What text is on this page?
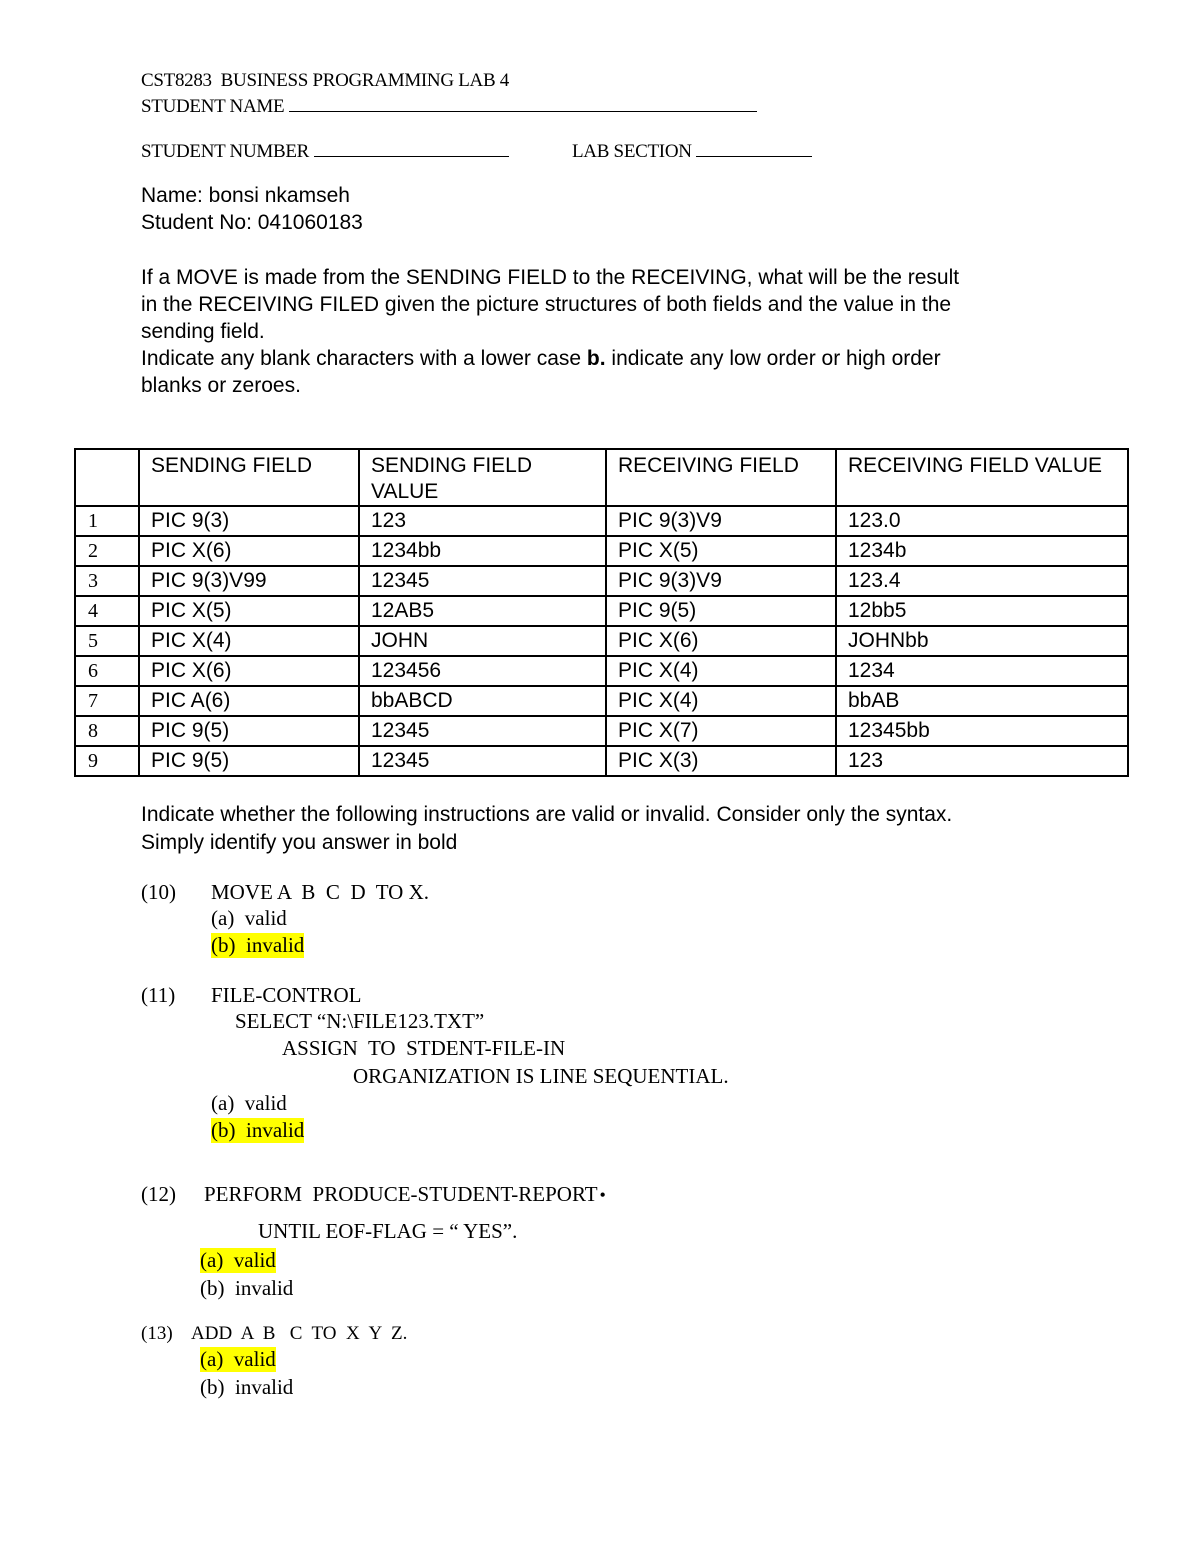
CST8283  BUSINESS PROGRAMMING LAB 4
STUDENT NAME
STUDENT NUMBER	LAB SECTION
Name: bonsi nkamseh
Student No: 041060183
If a MOVE is made from the SENDING FIELD to the RECEIVING, what will be the result
in the RECEIVING FILED given the picture structures of both fields and the value in the
sending field.
Indicate any blank characters with a lower case b. indicate any low order or high order
blanks or zeroes.
	SENDING FIELD	SENDING FIELD VALUE	RECEIVING FIELD	RECEIVING FIELD VALUE
1	PIC 9(3)	123	PIC 9(3)V9	123.0
2	PIC X(6)	1234bb	PIC X(5)	1234b
3	PIC 9(3)V99	12345	PIC 9(3)V9	123.4
4	PIC X(5)	12AB5	PIC 9(5)	12bb5
5	PIC X(4)	JOHN	PIC X(6)	JOHNbb
6	PIC X(6)	123456	PIC X(4)	1234
7	PIC A(6)	bbABCD	PIC X(4)	bbAB
8	PIC 9(5)	12345	PIC X(7)	12345bb
9	PIC 9(5)	12345	PIC X(3)	123
Indicate whether the following instructions are valid or invalid. Consider only the syntax.
Simply identify you answer in bold
(10) MOVE A  B  C  D  TO X.
(a)  valid
(b)  invalid
(11) FILE-CONTROL
SELECT “N:\FILE123.TXT”
ASSIGN  TO  STDENT-FILE-IN
ORGANIZATION IS LINE SEQUENTIAL.
(a)  valid
(b)  invalid
(12) PERFORM  PRODUCE-STUDENT-REPORT •
UNTIL EOF-FLAG = “ YES”.
(a)  valid
(b)  invalid
(13) ADD  A  B   C  TO  X  Y  Z.
(a)  valid
(b)  invalid
